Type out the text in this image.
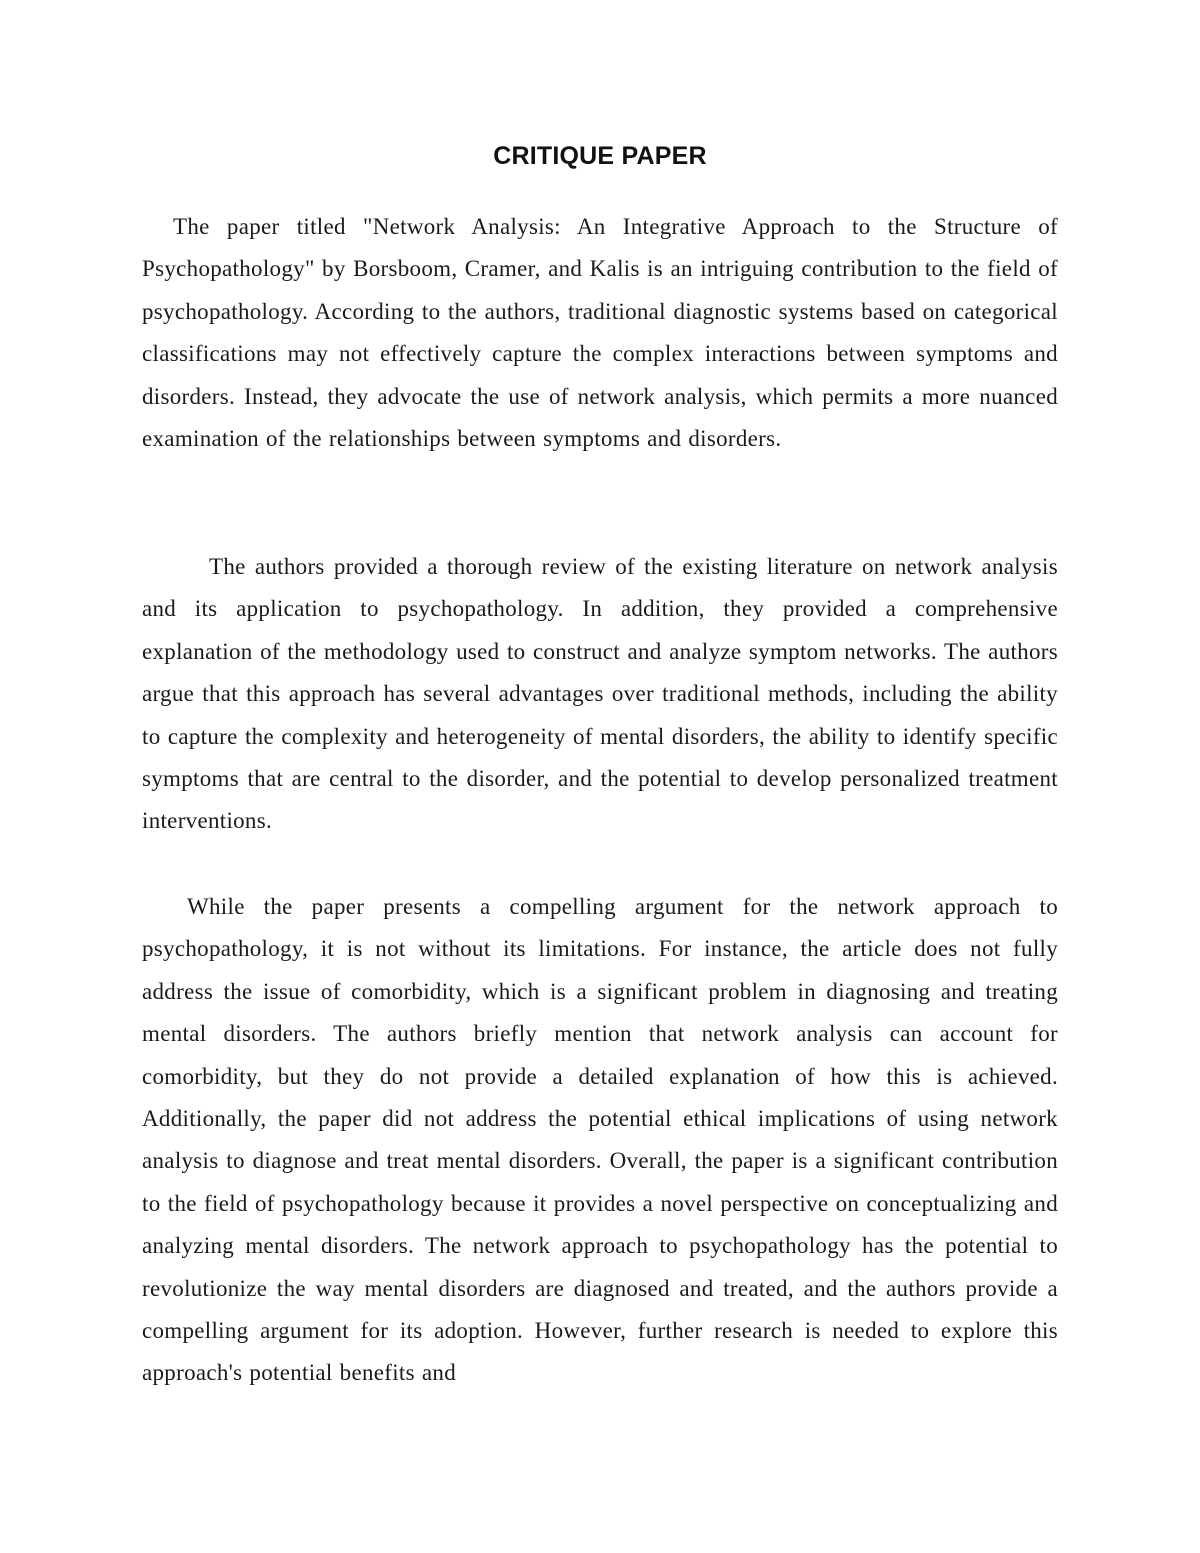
CRITIQUE PAPER

The paper titled "Network Analysis: An Integrative Approach to the Structure of Psychopathology" by Borsboom, Cramer, and Kalis is an intriguing contribution to the field of psychopathology. According to the authors, traditional diagnostic systems based on categorical classifications may not effectively capture the complex interactions between symptoms and disorders. Instead, they advocate the use of network analysis, which permits a more nuanced examination of the relationships between symptoms and disorders.

The authors provided a thorough review of the existing literature on network analysis and its application to psychopathology. In addition, they provided a comprehensive explanation of the methodology used to construct and analyze symptom networks. The authors argue that this approach has several advantages over traditional methods, including the ability to capture the complexity and heterogeneity of mental disorders, the ability to identify specific symptoms that are central to the disorder, and the potential to develop personalized treatment interventions.

While the paper presents a compelling argument for the network approach to psychopathology, it is not without its limitations. For instance, the article does not fully address the issue of comorbidity, which is a significant problem in diagnosing and treating mental disorders. The authors briefly mention that network analysis can account for comorbidity, but they do not provide a detailed explanation of how this is achieved. Additionally, the paper did not address the potential ethical implications of using network analysis to diagnose and treat mental disorders. Overall, the paper is a significant contribution to the field of psychopathology because it provides a novel perspective on conceptualizing and analyzing mental disorders. The network approach to psychopathology has the potential to revolutionize the way mental disorders are diagnosed and treated, and the authors provide a compelling argument for its adoption. However, further research is needed to explore this approach's potential benefits and
